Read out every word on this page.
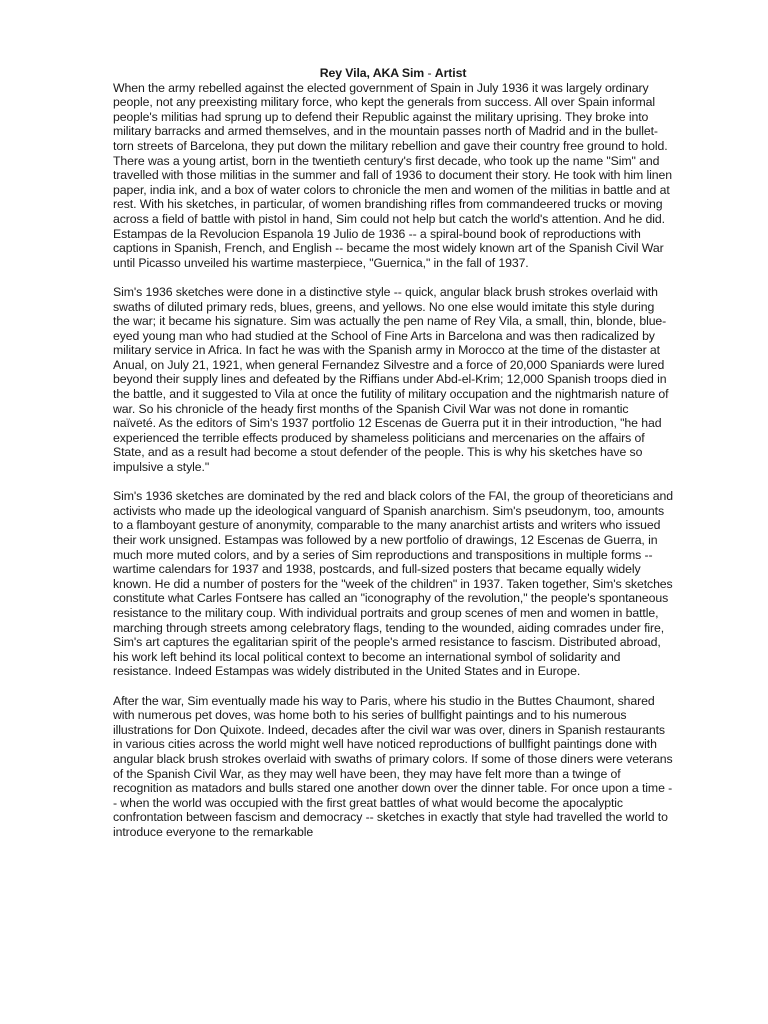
Rey Vila, AKA Sim - Artist

When the army rebelled against the elected government of Spain in July 1936 it was largely ordinary people, not any preexisting military force, who kept the generals from success. All over Spain informal people's militias had sprung up to defend their Republic against the military uprising. They broke into military barracks and armed themselves, and in the mountain passes north of Madrid and in the bullet-torn streets of Barcelona, they put down the military rebellion and gave their country free ground to hold. There was a young artist, born in the twentieth century's first decade, who took up the name "Sim" and travelled with those militias in the summer and fall of 1936 to document their story. He took with him linen paper, india ink, and a box of water colors to chronicle the men and women of the militias in battle and at rest. With his sketches, in particular, of women brandishing rifles from commandeered trucks or moving across a field of battle with pistol in hand, Sim could not help but catch the world's attention. And he did. Estampas de la Revolucion Espanola 19 Julio de 1936 -- a spiral-bound book of reproductions with captions in Spanish, French, and English -- became the most widely known art of the Spanish Civil War until Picasso unveiled his wartime masterpiece, "Guernica," in the fall of 1937.

Sim's 1936 sketches were done in a distinctive style -- quick, angular black brush strokes overlaid with swaths of diluted primary reds, blues, greens, and yellows. No one else would imitate this style during the war; it became his signature. Sim was actually the pen name of Rey Vila, a small, thin, blonde, blue-eyed young man who had studied at the School of Fine Arts in Barcelona and was then radicalized by military service in Africa. In fact he was with the Spanish army in Morocco at the time of the distaster at Anual, on July 21, 1921, when general Fernandez Silvestre and a force of 20,000 Spaniards were lured beyond their supply lines and defeated by the Riffians under Abd-el-Krim; 12,000 Spanish troops died in the battle, and it suggested to Vila at once the futility of military occupation and the nightmarish nature of war. So his chronicle of the heady first months of the Spanish Civil War was not done in romantic naïveté. As the editors of Sim's 1937 portfolio 12 Escenas de Guerra put it in their introduction, "he had experienced the terrible effects produced by shameless politicians and mercenaries on the affairs of State, and as a result had become a stout defender of the people. This is why his sketches have so impulsive a style."

Sim's 1936 sketches are dominated by the red and black colors of the FAI, the group of theoreticians and activists who made up the ideological vanguard of Spanish anarchism. Sim's pseudonym, too, amounts to a flamboyant gesture of anonymity, comparable to the many anarchist artists and writers who issued their work unsigned. Estampas was followed by a new portfolio of drawings, 12 Escenas de Guerra, in much more muted colors, and by a series of Sim reproductions and transpositions in multiple forms -- wartime calendars for 1937 and 1938, postcards, and full-sized posters that became equally widely known. He did a number of posters for the "week of the children" in 1937. Taken together, Sim's sketches constitute what Carles Fontsere has called an "iconography of the revolution," the people's spontaneous resistance to the military coup. With individual portraits and group scenes of men and women in battle, marching through streets among celebratory flags, tending to the wounded, aiding comrades under fire, Sim's art captures the egalitarian spirit of the people's armed resistance to fascism. Distributed abroad, his work left behind its local political context to become an international symbol of solidarity and resistance. Indeed Estampas was widely distributed in the United States and in Europe.

After the war, Sim eventually made his way to Paris, where his studio in the Buttes Chaumont, shared with numerous pet doves, was home both to his series of bullfight paintings and to his numerous illustrations for Don Quixote. Indeed, decades after the civil war was over, diners in Spanish restaurants in various cities across the world might well have noticed reproductions of bullfight paintings done with angular black brush strokes overlaid with swaths of primary colors. If some of those diners were veterans of the Spanish Civil War, as they may well have been, they may have felt more than a twinge of recognition as matadors and bulls stared one another down over the dinner table. For once upon a time -- when the world was occupied with the first great battles of what would become the apocalyptic confrontation between fascism and democracy -- sketches in exactly that style had travelled the world to introduce everyone to the remarkable
